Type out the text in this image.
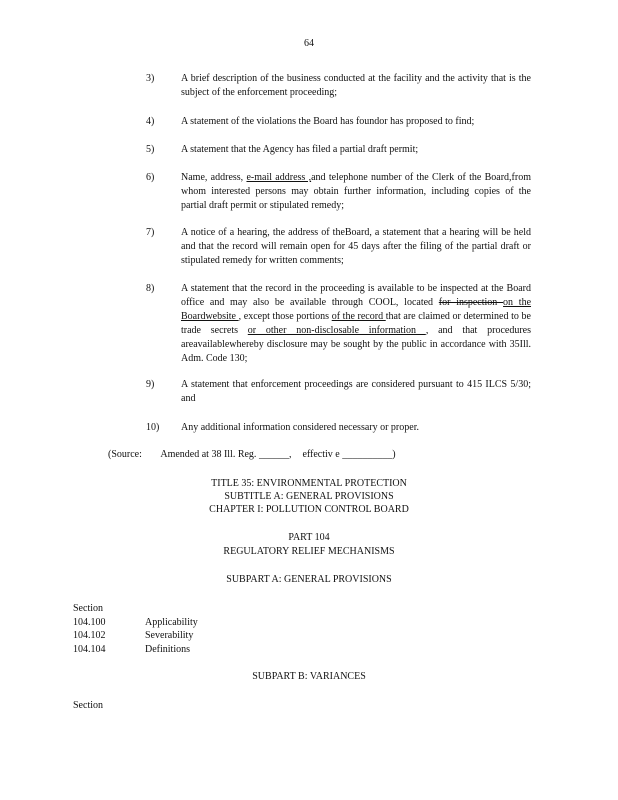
64
3)	A brief description of the business conducted at the facility and the activity that is the subject of the enforcement proceeding;
4)	A statement of the violations the Board has foundor has proposed to find;
5)	A statement that the Agency has filed a partial draft permit;
6)	Name, address, e-mail address ,and telephone number of the Clerk of the Board,from whom interested persons may obtain further information, including copies of the partial draft permit or stipulated remedy;
7)	A notice of a hearing, the address of theBoard, a statement that a hearing will be held and that the record will remain open for 45 days after the filing of the partial draft or stipulated remedy for written comments;
8)	A statement that the record in the proceeding is available to be inspected at the Board office and may also be available through COOL, located for inspection on the Boardwebsite , except those portions of the record that are claimed or determined to be trade secrets or other non-disclosable information , and that procedures areavailablewhereby disclosure may be sought by the public in accordance with 35Ill. Adm. Code 130;
9)	A statement that enforcement proceedings are considered pursuant to 415 ILCS 5/30; and
10) Any additional information considered necessary or proper.
(Source: Amended at 38 Ill. Reg. ______, effectiv e __________)
TITLE 35: ENVIRONMENTAL PROTECTION
SUBTITLE A: GENERAL PROVISIONS
CHAPTER I: POLLUTION CONTROL BOARD
PART 104
REGULATORY RELIEF MECHANISMS
SUBPART A: GENERAL PROVISIONS
Section
104.100	Applicability
104.102	Severability
104.104	Definitions
SUBPART B: VARIANCES
Section
